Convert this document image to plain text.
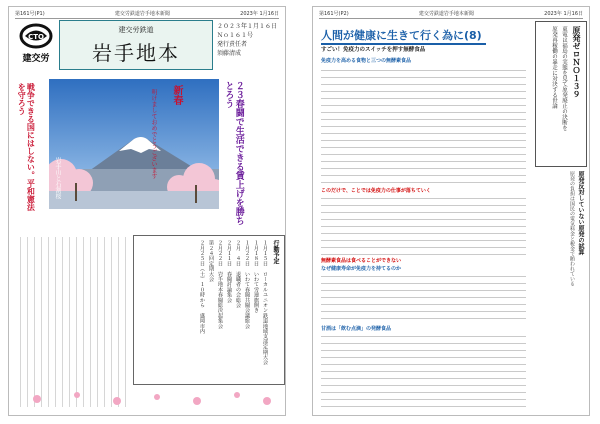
第161号(P1)	建交労鉄道岩手地本新聞	2023年 1月16日
CTO
建交労
建交労鉄道
岩手地本
２０２３年１月１６日
Ｎｏ１６１号
発行責任者
須藤清成
戦争できる国にはしない。平和憲法を守ろう	２３春闘で生活できる賃上げを勝ちとろう
新春
明けましておめでとうございます
岩手山と石割桜
行動予定
１月１５日　ローカルユニオン鉄道地域支部定期大会
１月１８日　いわて労連旗開き
１月２２日　いわて春闘共闘会議総会
２月　４日　退職者の会総会
２月１１日　春闘討論集会
２月２２日　岩手地本春闘総決起集会
第２４回定期大会
２月２５日（土）１０時から　盛岡市内
第161号(P2)	建交労鉄道岩手地本新聞	2023年 1月16日
人間が健康に生きて行く為に(8)
すごい！免疫力のスイッチを押す無酵食品
免疫力を高める食物と三つの無酵素食品
このだけで、ことでは免疫力の仕事が落ちていく
無酵素食品は食べることができない
なぜ健康寿命が免疫力を持てるのか
甘酒は「飲む点滴」の発酵食品
原発ゼロＮＯ１３９
東電は福島の実態を見て原発廃止の決断を
原発再稼働の暴走に対決する世論
原発反対していない原発の試算
原発の負担は国民の電気料金と税金で賄われている
